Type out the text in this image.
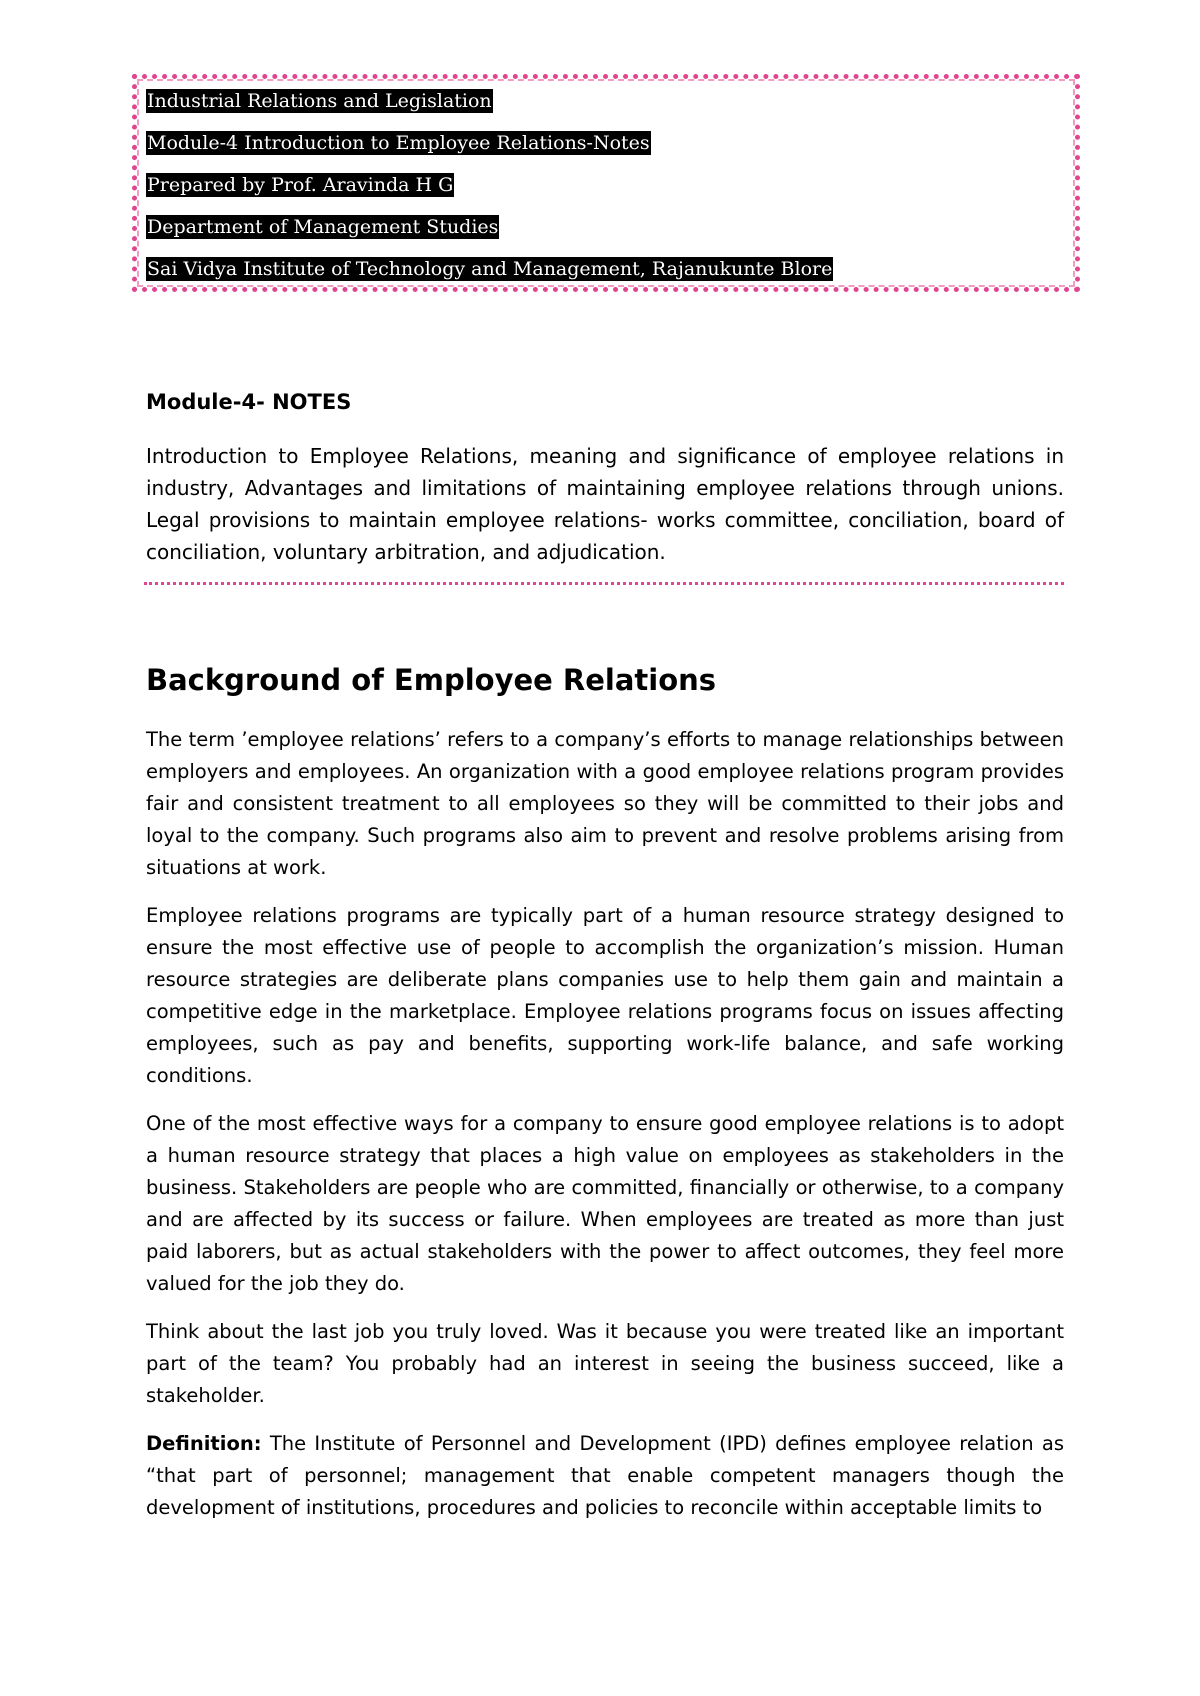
Industrial Relations and Legislation
Module-4 Introduction to Employee Relations-Notes
Prepared by Prof. Aravinda H G
Department of Management Studies
Sai Vidya Institute of Technology and Management, Rajanukunte Blore
Module-4- NOTES
Introduction to Employee Relations, meaning and significance of employee relations in industry, Advantages and limitations of maintaining employee relations through unions. Legal provisions to maintain employee relations- works committee, conciliation, board of conciliation, voluntary arbitration, and adjudication.
Background of Employee Relations

The term ’employee relations’ refers to a company’s efforts to manage relationships between employers and employees. An organization with a good employee relations program provides fair and consistent treatment to all employees so they will be committed to their jobs and loyal to the company. Such programs also aim to prevent and resolve problems arising from situations at work.

Employee relations programs are typically part of a human resource strategy designed to ensure the most effective use of people to accomplish the organization’s mission. Human resource strategies are deliberate plans companies use to help them gain and maintain a competitive edge in the marketplace. Employee relations programs focus on issues affecting employees, such as pay and benefits, supporting work-life balance, and safe working conditions.

One of the most effective ways for a company to ensure good employee relations is to adopt a human resource strategy that places a high value on employees as stakeholders in the business. Stakeholders are people who are committed, financially or otherwise, to a company and are affected by its success or failure. When employees are treated as more than just paid laborers, but as actual stakeholders with the power to affect outcomes, they feel more valued for the job they do.

Think about the last job you truly loved. Was it because you were treated like an important part of the team? You probably had an interest in seeing the business succeed, like a stakeholder.

Definition: The Institute of Personnel and Development (IPD) defines employee relation as “that part of personnel; management that enable competent managers though the development of institutions, procedures and policies to reconcile within acceptable limits to
